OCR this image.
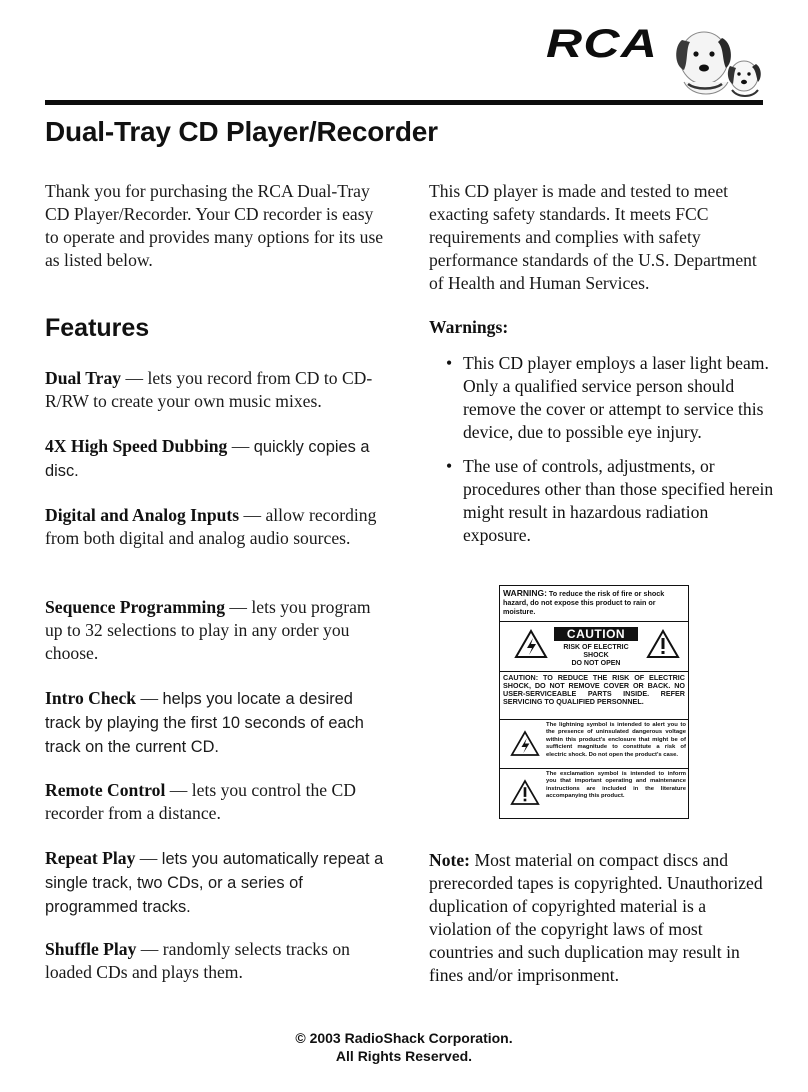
RCA
Dual-Tray CD Player/Recorder
Thank you for purchasing the RCA Dual-Tray CD Player/Recorder. Your CD recorder is easy to operate and provides many options for its use as listed below.
Features
Dual Tray — lets you record from CD to CD-R/RW to create your own music mixes.
4X High Speed Dubbing — quickly copies a disc.
Digital and Analog Inputs — allow recording from both digital and analog audio sources.
Sequence Programming — lets you program up to 32 selections to play in any order you choose.
Intro Check — helps you locate a desired track by playing the first 10 seconds of each track on the current CD.
Remote Control — lets you control the CD recorder from a distance.
Repeat Play — lets you automatically repeat a single track, two CDs, or a series of programmed tracks.
Shuffle Play — randomly selects tracks on loaded CDs and plays them.
This CD player is made and tested to meet exacting safety standards. It meets FCC requirements and complies with safety performance standards of the U.S. Department of Health and Human Services.
Warnings:
• This CD player employs a laser light beam. Only a qualified service person should remove the cover or attempt to service this device, due to possible eye injury.
• The use of controls, adjustments, or procedures other than those specified herein might result in hazardous radiation exposure.
WARNING: To reduce the risk of fire or shock hazard, do not expose this product to rain or moisture.
CAUTION
RISK OF ELECTRIC
SHOCK
DO NOT OPEN
CAUTION: TO REDUCE THE RISK OF ELECTRIC SHOCK, DO NOT REMOVE COVER OR BACK. NO USER-SERVICEABLE PARTS INSIDE. REFER SERVICING TO QUALIFIED PERSONNEL.
The lightning symbol is intended to alert you to the presence of uninsulated dangerous voltage within this product's enclosure that might be of sufficient magnitude to constitute a risk of electric shock. Do not open the product's case.
The exclamation symbol is intended to inform you that important operating and maintenance instructions are included in the literature accompanying this product.
Note: Most material on compact discs and prerecorded tapes is copyrighted. Unauthorized duplication of copyrighted material is a violation of the copyright laws of most countries and such duplication may result in fines and/or imprisonment.
© 2003 RadioShack Corporation.
All Rights Reserved.
